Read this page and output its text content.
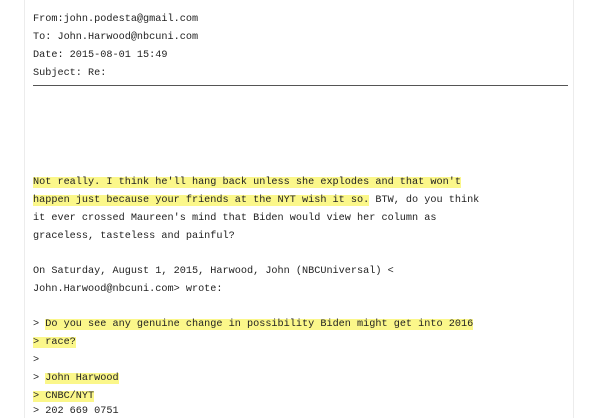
From:john.podesta@gmail.com
To: John.Harwood@nbcuni.com
Date: 2015-08-01 15:49
Subject: Re:
Not really. I think he'll hang back unless she explodes and that won't
happen just because your friends at the NYT wish it so. BTW, do you think
it ever crossed Maureen's mind that Biden would view her column as
graceless, tasteless and painful?
On Saturday, August 1, 2015, Harwood, John (NBCUniversal) <
John.Harwood@nbcuni.com> wrote:
> Do you see any genuine change in possibility Biden might get into 2016
> race?
>
> John Harwood
> CNBC/NYT
> 202 669 0751
